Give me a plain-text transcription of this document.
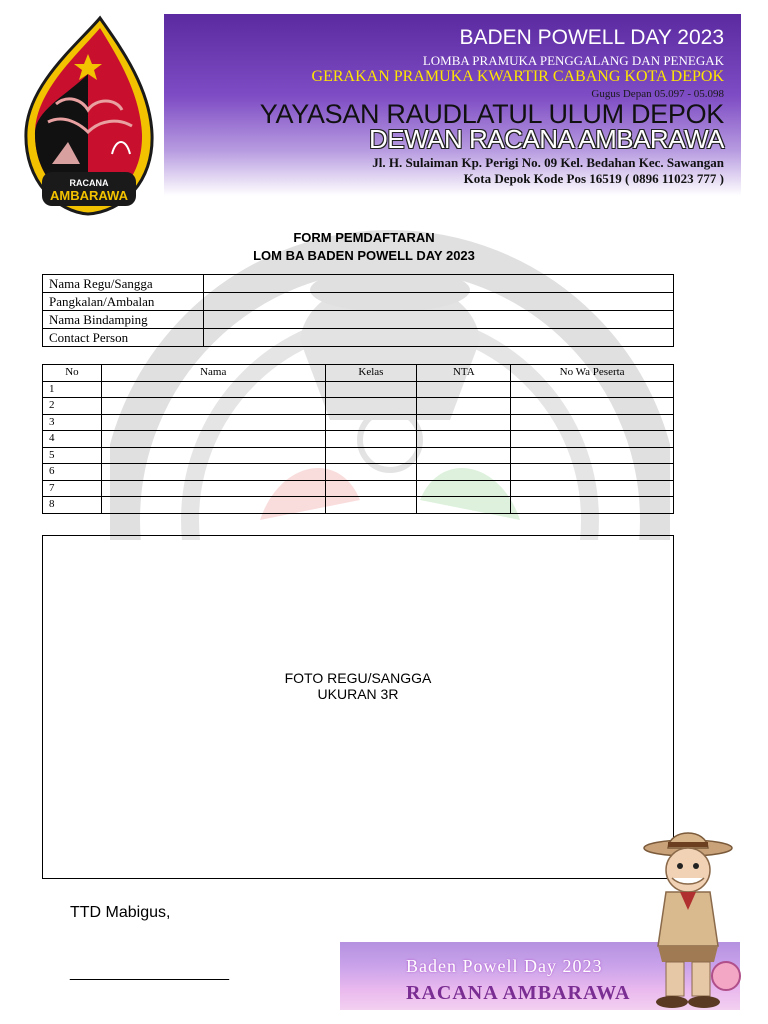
RACANA
AMBARAWA
BADEN POWELL DAY 2023
LOMBA PRAMUKA PENGGALANG DAN PENEGAK
GERAKAN PRAMUKA KWARTIR CABANG KOTA DEPOK
Gugus Depan 05.097 - 05.098
YAYASAN RAUDLATUL ULUM DEPOK
DEWAN RACANA AMBARAWA
Jl. H. Sulaiman Kp. Perigi No. 09 Kel. Bedahan Kec. Sawangan
Kota Depok Kode Pos 16519 ( 0896 11023 777 )
FORM PEMDAFTARAN
LOM BA BADEN POWELL DAY 2023
Nama Regu/Sangga	
Pangkalan/Ambalan	
Nama Bindamping	
Contact Person	
No	Nama	Kelas	NTA	No Wa Peserta
1				
2				
3				
4				
5				
6				
7				
8				
FOTO REGU/SANGGA
UKURAN 3R
TTD Mabigus,
____________________	Baden Powell Day 2023
RACANA AMBARAWA
